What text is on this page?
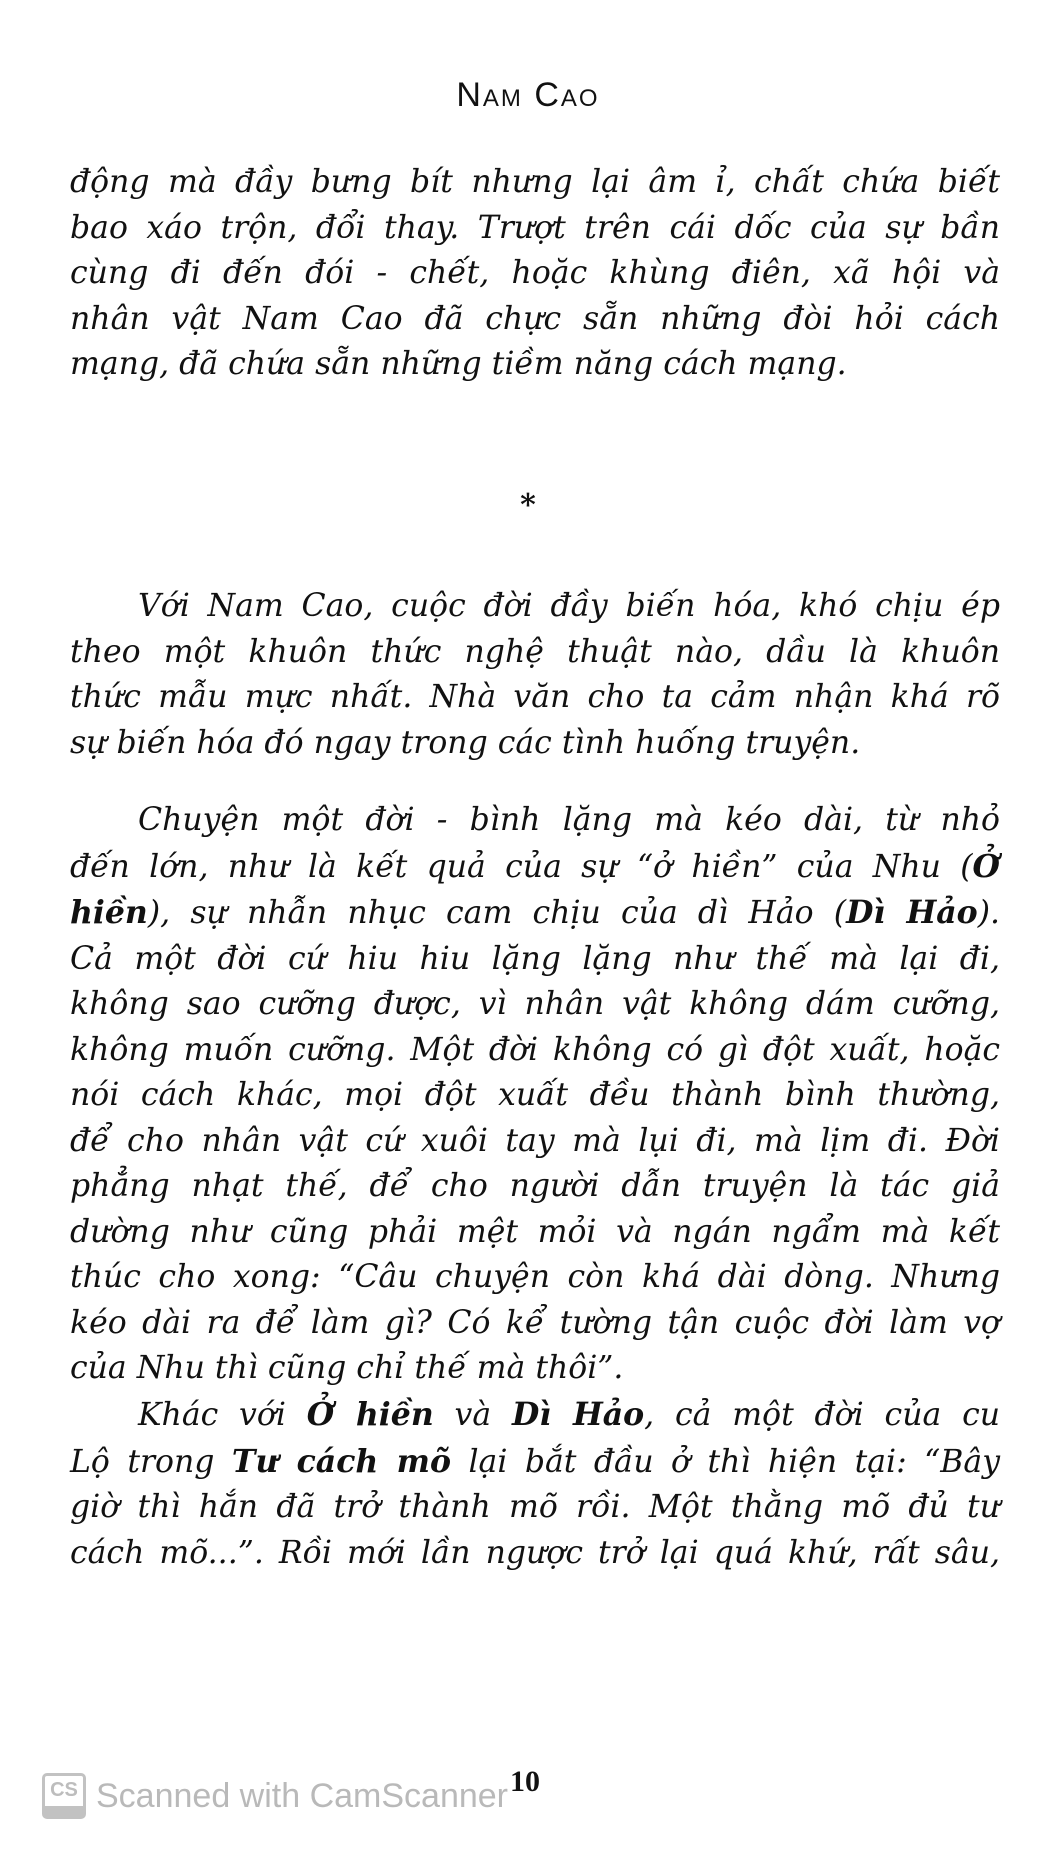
Nam Cao
động mà đầy bưng bít nhưng lại âm ỉ, chất chứa biết
bao xáo trộn, đổi thay. Trượt trên cái dốc của sự bần
cùng đi đến đói - chết, hoặc khùng điên, xã hội và
nhân vật Nam Cao đã chực sẵn những đòi hỏi cách
mạng, đã chứa sẵn những tiềm năng cách mạng.
*
Với Nam Cao, cuộc đời đầy biến hóa, khó chịu ép
theo một khuôn thức nghệ thuật nào, dầu là khuôn
thức mẫu mực nhất. Nhà văn cho ta cảm nhận khá rõ
sự biến hóa đó ngay trong các tình huống truyện.
Chuyện một đời - bình lặng mà kéo dài, từ nhỏ
đến lớn, như là kết quả của sự “ở hiền” của Nhu (Ở
hiền), sự nhẫn nhục cam chịu của dì Hảo (Dì Hảo).
Cả một đời cứ hiu hiu lặng lặng như thế mà lại đi,
không sao cưỡng được, vì nhân vật không dám cưỡng,
không muốn cưỡng. Một đời không có gì đột xuất, hoặc
nói cách khác, mọi đột xuất đều thành bình thường,
để cho nhân vật cứ xuôi tay mà lụi đi, mà lịm đi. Đời
phẳng nhạt thế, để cho người dẫn truyện là tác giả
dường như cũng phải mệt mỏi và ngán ngẩm mà kết
thúc cho xong: “Câu chuyện còn khá dài dòng. Nhưng
kéo dài ra để làm gì? Có kể tường tận cuộc đời làm vợ
của Nhu thì cũng chỉ thế mà thôi”.
Khác với Ở hiền và Dì Hảo, cả một đời của cu
Lộ trong Tư cách mõ lại bắt đầu ở thì hiện tại: “Bây
giờ thì hắn đã trở thành mõ rồi. Một thằng mõ đủ tư
cách mõ...”. Rồi mới lần ngược trở lại quá khứ, rất sâu,
CS Scanned with CamScanner 10
